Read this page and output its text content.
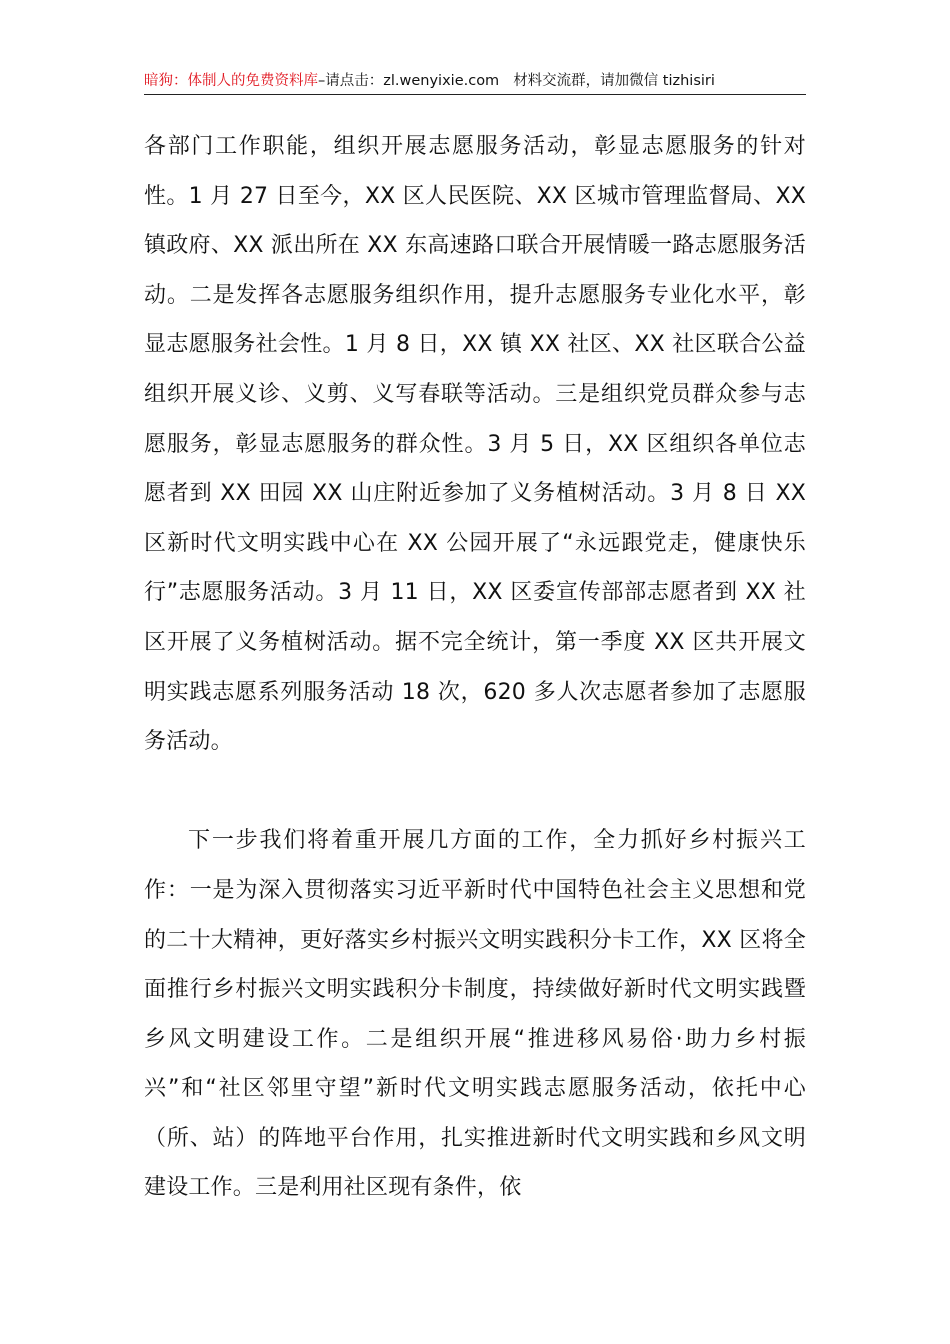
暗狗：体制人的免费资料库–请点击：zl.wenyixie.com 材料交流群，请加微信 tizhisiri

各部门工作职能，组织开展志愿服务活动，彰显志愿服务的针对性。1 月 27 日至今，XX 区人民医院、XX 区城市管理监督局、XX 镇政府、XX 派出所在 XX 东高速路口联合开展情暖一路志愿服务活动。二是发挥各志愿服务组织作用，提升志愿服务专业化水平，彰显志愿服务社会性。1 月 8 日，XX 镇 XX 社区、XX 社区联合公益组织开展义诊、义剪、义写春联等活动。三是组织党员群众参与志愿服务，彰显志愿服务的群众性。3 月 5 日，XX 区组织各单位志愿者到 XX 田园 XX 山庄附近参加了义务植树活动。3 月 8 日 XX 区新时代文明实践中心在 XX 公园开展了“永远跟党走，健康快乐行”志愿服务活动。3 月 11 日，XX 区委宣传部部志愿者到 XX 社区开展了义务植树活动。据不完全统计，第一季度 XX 区共开展文明实践志愿系列服务活动 18 次，620 多人次志愿者参加了志愿服务活动。

下一步我们将着重开展几方面的工作，全力抓好乡村振兴工作：一是为深入贯彻落实习近平新时代中国特色社会主义思想和党的二十大精神，更好落实乡村振兴文明实践积分卡工作，XX 区将全面推行乡村振兴文明实践积分卡制度，持续做好新时代文明实践暨乡风文明建设工作。二是组织开展“推进移风易俗·助力乡村振兴”和“社区邻里守望”新时代文明实践志愿服务活动，依托中心（所、站）的阵地平台作用，扎实推进新时代文明实践和乡风文明建设工作。三是利用社区现有条件，依
